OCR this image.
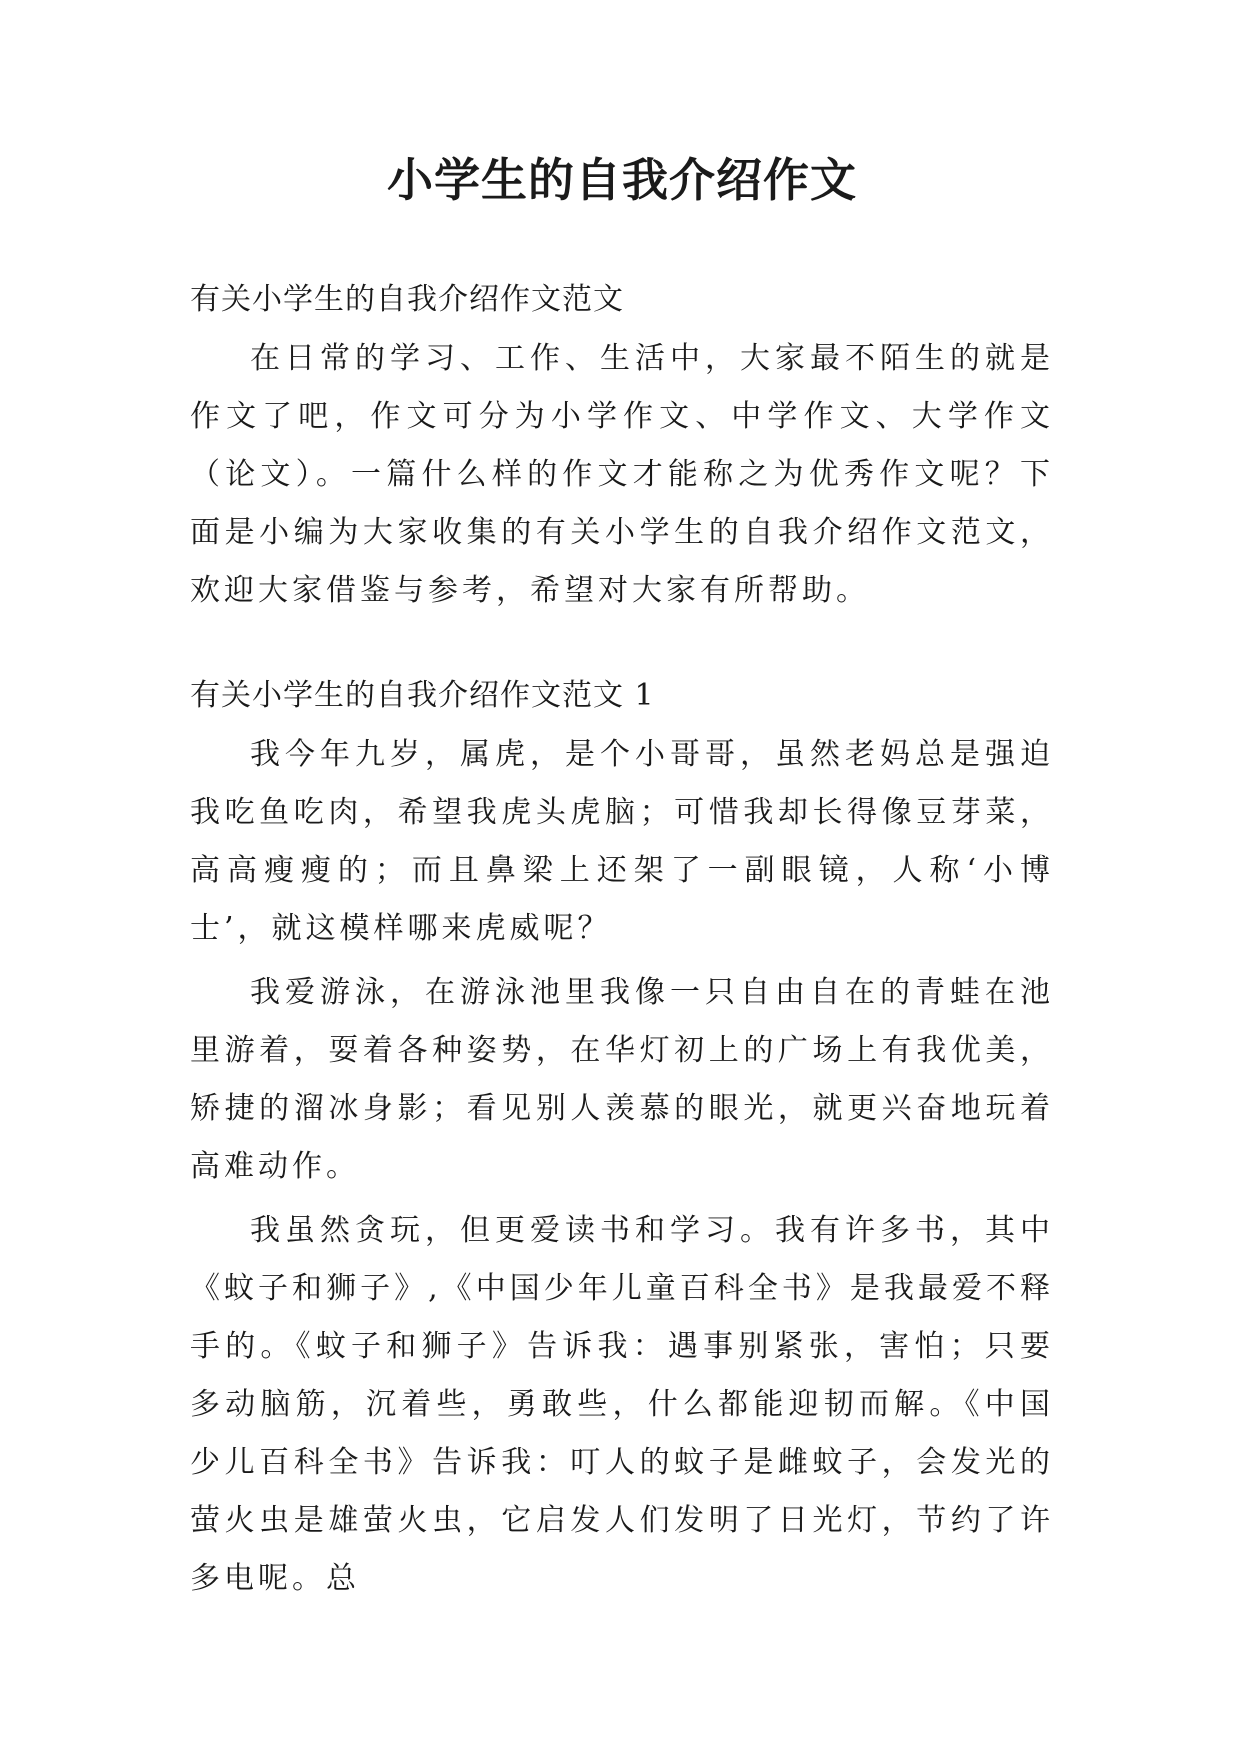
小学生的自我介绍作文

有关小学生的自我介绍作文范文

在日常的学习、工作、生活中，大家最不陌生的就是作文了吧，作文可分为小学作文、中学作文、大学作文（论文）。一篇什么样的作文才能称之为优秀作文呢？下面是小编为大家收集的有关小学生的自我介绍作文范文，欢迎大家借鉴与参考，希望对大家有所帮助。

有关小学生的自我介绍作文范文 1

我今年九岁，属虎，是个小哥哥，虽然老妈总是强迫我吃鱼吃肉，希望我虎头虎脑；可惜我却长得像豆芽菜，高高瘦瘦的；而且鼻梁上还架了一副眼镜，人称‘小博士’，就这模样哪来虎威呢？

我爱游泳，在游泳池里我像一只自由自在的青蛙在池里游着，耍着各种姿势，在华灯初上的广场上有我优美，矫捷的溜冰身影；看见别人羡慕的眼光，就更兴奋地玩着高难动作。

我虽然贪玩，但更爱读书和学习。我有许多书，其中《蚊子和狮子》,《中国少年儿童百科全书》是我最爱不释手的。《蚊子和狮子》告诉我：遇事别紧张，害怕；只要多动脑筋，沉着些，勇敢些，什么都能迎韧而解。《中国少儿百科全书》告诉我：叮人的蚊子是雌蚊子，会发光的萤火虫是雄萤火虫，它启发人们发明了日光灯，节约了许多电呢。总
